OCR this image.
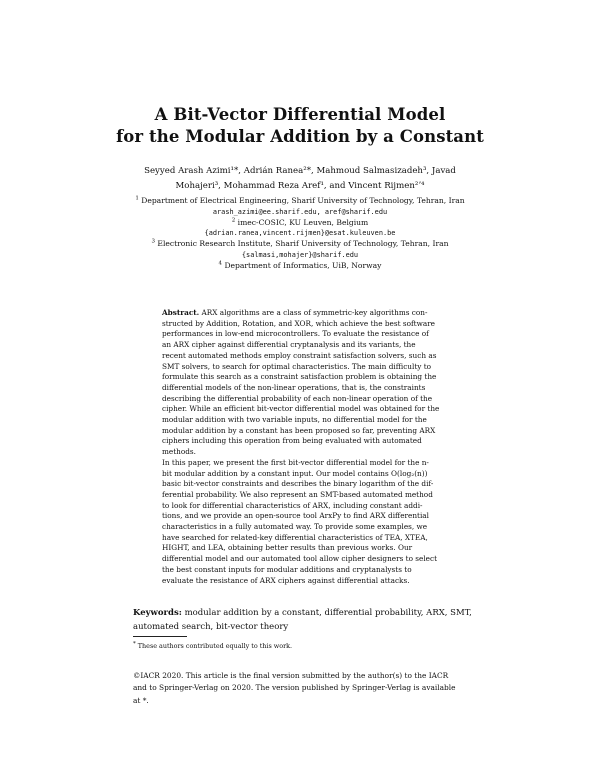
A Bit-Vector Differential Model
for the Modular Addition by a Constant
Seyyed Arash Azimi¹*, Adrián Ranea²*, Mahmoud Salmasizadeh³, Javad
Mohajeri³, Mohammad Reza Aref¹, and Vincent Rijmen²ʼ⁴
$^1$ Department of Electrical Engineering, Sharif University of Technology, Tehran, Iran
arash_azimi@ee.sharif.edu, aref@sharif.edu
$^2$ imec-COSIC, KU Leuven, Belgium
{adrian.ranea,vincent.rijmen}@esat.kuleuven.be
$^3$ Electronic Research Institute, Sharif University of Technology, Tehran, Iran
{salmasi,mohajer}@sharif.edu
$^4$ Department of Informatics, UiB, Norway
Abstract. ARX algorithms are a class of symmetric-key algorithms con-
structed by Addition, Rotation, and XOR, which achieve the best software
performances in low-end microcontrollers. To evaluate the resistance of
an ARX cipher against differential cryptanalysis and its variants, the
recent automated methods employ constraint satisfaction solvers, such as
SMT solvers, to search for optimal characteristics. The main difficulty to
formulate this search as a constraint satisfaction problem is obtaining the
differential models of the non-linear operations, that is, the constraints
describing the differential probability of each non-linear operation of the
cipher. While an efficient bit-vector differential model was obtained for the
modular addition with two variable inputs, no differential model for the
modular addition by a constant has been proposed so far, preventing ARX
ciphers including this operation from being evaluated with automated
methods.
In this paper, we present the first bit-vector differential model for the n-
bit modular addition by a constant input. Our model contains O(log₂(n))
basic bit-vector constraints and describes the binary logarithm of the dif-
ferential probability. We also represent an SMT-based automated method
to look for differential characteristics of ARX, including constant addi-
tions, and we provide an open-source tool ArxPy to find ARX differential
characteristics in a fully automated way. To provide some examples, we
have searched for related-key differential characteristics of TEA, XTEA,
HIGHT, and LEA, obtaining better results than previous works. Our
differential model and our automated tool allow cipher designers to select
the best constant inputs for modular additions and cryptanalysts to
evaluate the resistance of ARX ciphers against differential attacks.
Keywords: modular addition by a constant, differential probability, ARX, SMT,
automated search, bit-vector theory
* These authors contributed equally to this work.
©IACR 2020. This article is the final version submitted by the author(s) to the IACR
and to Springer-Verlag on 2020. The version published by Springer-Verlag is available
at *.
